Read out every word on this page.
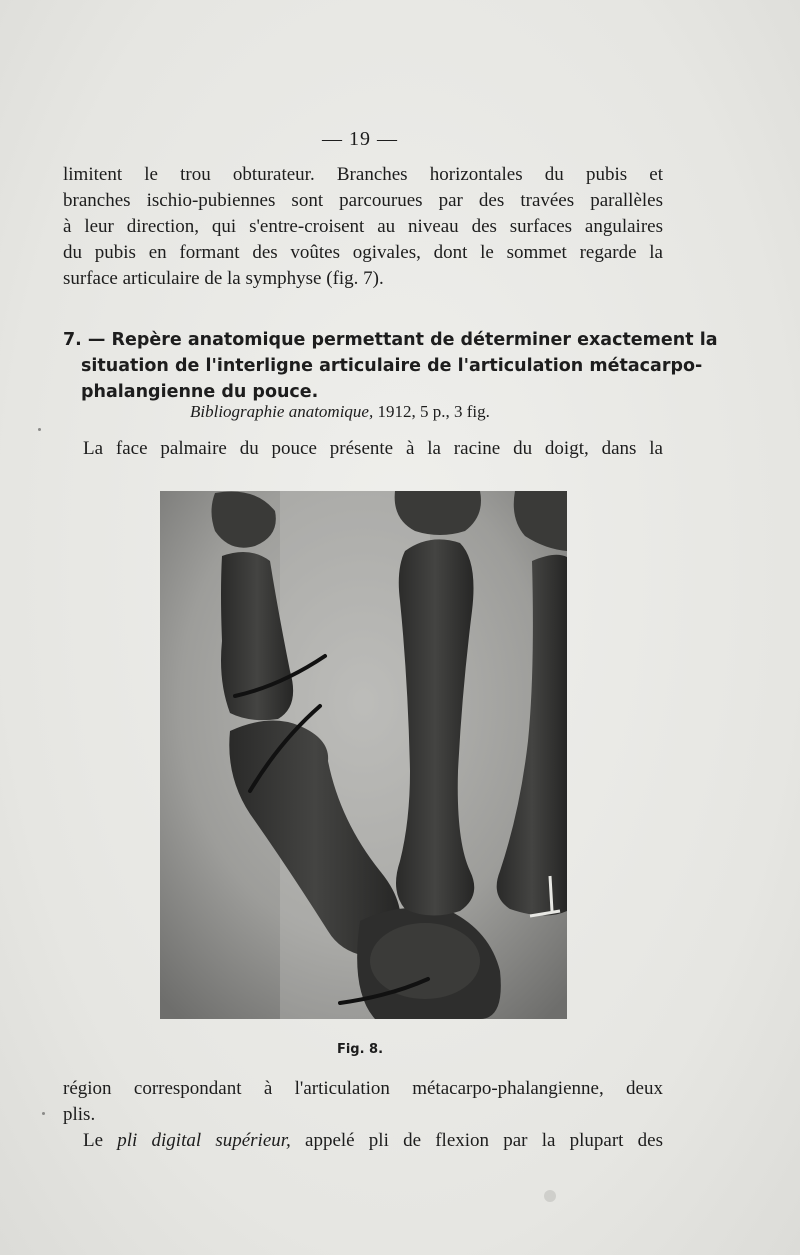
— 19 —
limitent le trou obturateur. Branches horizontales du pubis et
branches ischio-pubiennes sont parcourues par des travées parallèles
à leur direction, qui s'entre-croisent au niveau des surfaces angulaires
du pubis en formant des voûtes ogivales, dont le sommet regarde la
surface articulaire de la symphyse (fig. 7).
7. — Repère anatomique permettant de déterminer exactement la
situation de l'interligne articulaire de l'articulation métacarpo-
phalangienne du pouce.
Bibliographie anatomique, 1912, 5 p., 3 fig.
La face palmaire du pouce présente à la racine du doigt, dans la
Fig. 8.
région correspondant à l'articulation métacarpo-phalangienne, deux
plis.
Le pli digital supérieur, appelé pli de flexion par la plupart des
